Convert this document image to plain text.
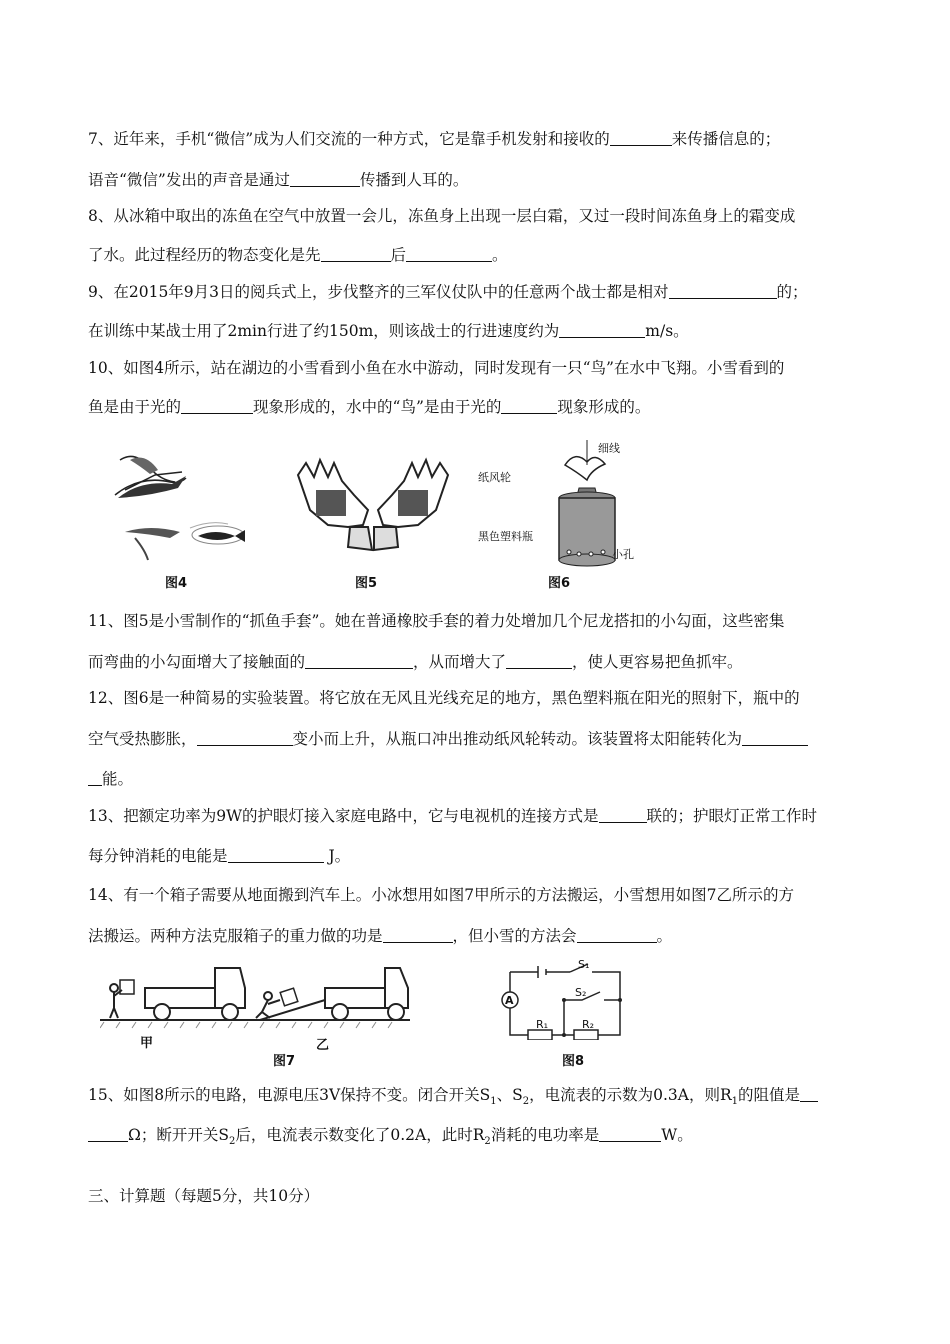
7、近年来，手机“微信”成为人们交流的一种方式，它是靠手机发射和接收的	来传播信息的；
语音“微信”发出的声音是通过	传播到人耳的。
8、从冰箱中取出的冻鱼在空气中放置一会儿，冻鱼身上出现一层白霜，又过一段时间冻鱼身上的霜变成
了水。此过程经历的物态变化是先	后	。
9、在2015年9月3日的阅兵式上，步伐整齐的三军仪仗队中的任意两个战士都是相对	的；
在训练中某战士用了2min行进了约150m，则该战士的行进速度约为	m/s。
10、如图4所示，站在湖边的小雪看到小鱼在水中游动，同时发现有一只“鸟”在水中飞翔。小雪看到的
鱼是由于光的	现象形成的，水中的“鸟”是由于光的	现象形成的。
图4	图5
细线
纸风轮
黑色塑料瓶
小孔
图6
11、图5是小雪制作的“抓鱼手套”。她在普通橡胶手套的着力处增加几个尼龙搭扣的小勾面，这些密集
而弯曲的小勾面增大了接触面的	，从而增大了	，使人更容易把鱼抓牢。
12、图6是一种简易的实验装置。将它放在无风且光线充足的地方，黑色塑料瓶在阳光的照射下，瓶中的
空气受热膨胀，	变小而上升，从瓶口冲出推动纸风轮转动。该装置将太阳能转化为
能。
13、把额定功率为9W的护眼灯接入家庭电路中，它与电视机的连接方式是	联的；护眼灯正常工作时
每分钟消耗的电能是	J。
14、有一个箱子需要从地面搬到汽车上。小冰想用如图7甲所示的方法搬运，小雪想用如图7乙所示的方
法搬运。两种方法克服箱子的重力做的功是	，但小雪的方法会	。
甲	乙
图7
A
S₁
S₂
R₁	R₂
图8
15、如图8所示的电路，电源电压3V保持不变。闭合开关$S_1$、$S_2$，电流表的示数为0.3A，则$R_1$的阻值是
Ω；断开开关$S_2$后，电流表示数变化了0.2A，此时$R_2$消耗的电功率是	W。
三、计算题（每题5分，共10分）
